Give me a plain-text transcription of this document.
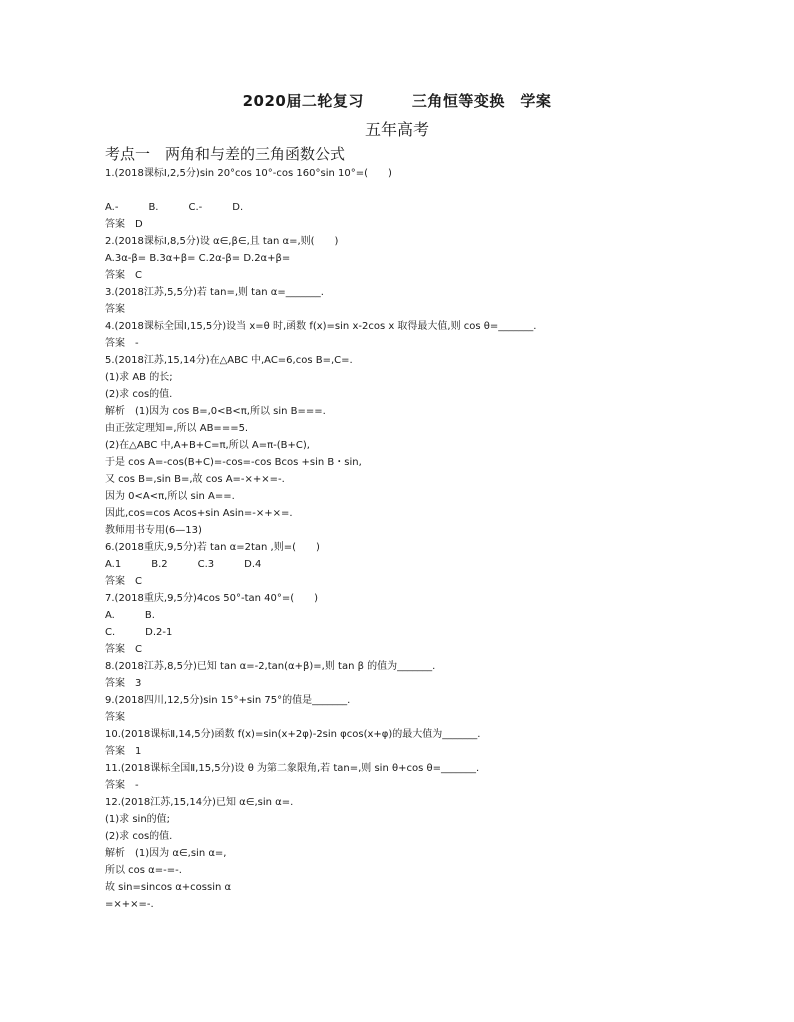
2020届二轮复习	三角恒等变换　学案
五年高考
考点一　两角和与差的三角函数公式
1.(2018课标Ⅰ,2,5分)sin 20°cos 10°-cos 160°sin 10°=(　　)
A.-　　　B.　　　C.-　　　D.
答案　D
2.(2018课标Ⅰ,8,5分)设 α∈,β∈,且 tan α=,则(　　)
A.3α-β= B.3α+β= C.2α-β= D.2α+β=
答案　C
3.(2018江苏,5,5分)若 tan=,则 tan α=_______.
答案
4.(2018课标全国Ⅰ,15,5分)设当 x=θ 时,函数 f(x)=sin x-2cos x 取得最大值,则 cos θ=_______.
答案　-
5.(2018江苏,15,14分)在△ABC 中,AC=6,cos B=,C=.
(1)求 AB 的长;
(2)求 cos的值.
解析　(1)因为 cos B=,0<B<π,所以 sin B===.
由正弦定理知=,所以 AB===5.
(2)在△ABC 中,A+B+C=π,所以 A=π-(B+C),
于是 cos A=-cos(B+C)=-cos=-cos Bcos +sin B・sin,
又 cos B=,sin B=,故 cos A=-×+×=-.
因为 0<A<π,所以 sin A==.
因此,cos=cos Acos+sin Asin=-×+×=.
教师用书专用(6—13)
6.(2018重庆,9,5分)若 tan α=2tan ,则=(　　)
A.1　　　B.2　　　C.3　　　D.4
答案　C
7.(2018重庆,9,5分)4cos 50°-tan 40°=(　　)
A.　　　B.
C.　　　D.2-1
答案　C
8.(2018江苏,8,5分)已知 tan α=-2,tan(α+β)=,则 tan β 的值为_______.
答案　3
9.(2018四川,12,5分)sin 15°+sin 75°的值是_______.
答案
10.(2018课标Ⅱ,14,5分)函数 f(x)=sin(x+2φ)-2sin φcos(x+φ)的最大值为_______.
答案　1
11.(2018课标全国Ⅱ,15,5分)设 θ 为第二象限角,若 tan=,则 sin θ+cos θ=_______.
答案　-
12.(2018江苏,15,14分)已知 α∈,sin α=.
(1)求 sin的值;
(2)求 cos的值.
解析　(1)因为 α∈,sin α=,
所以 cos α=-=-.
故 sin=sincos α+cossin α
=×+×=-.
